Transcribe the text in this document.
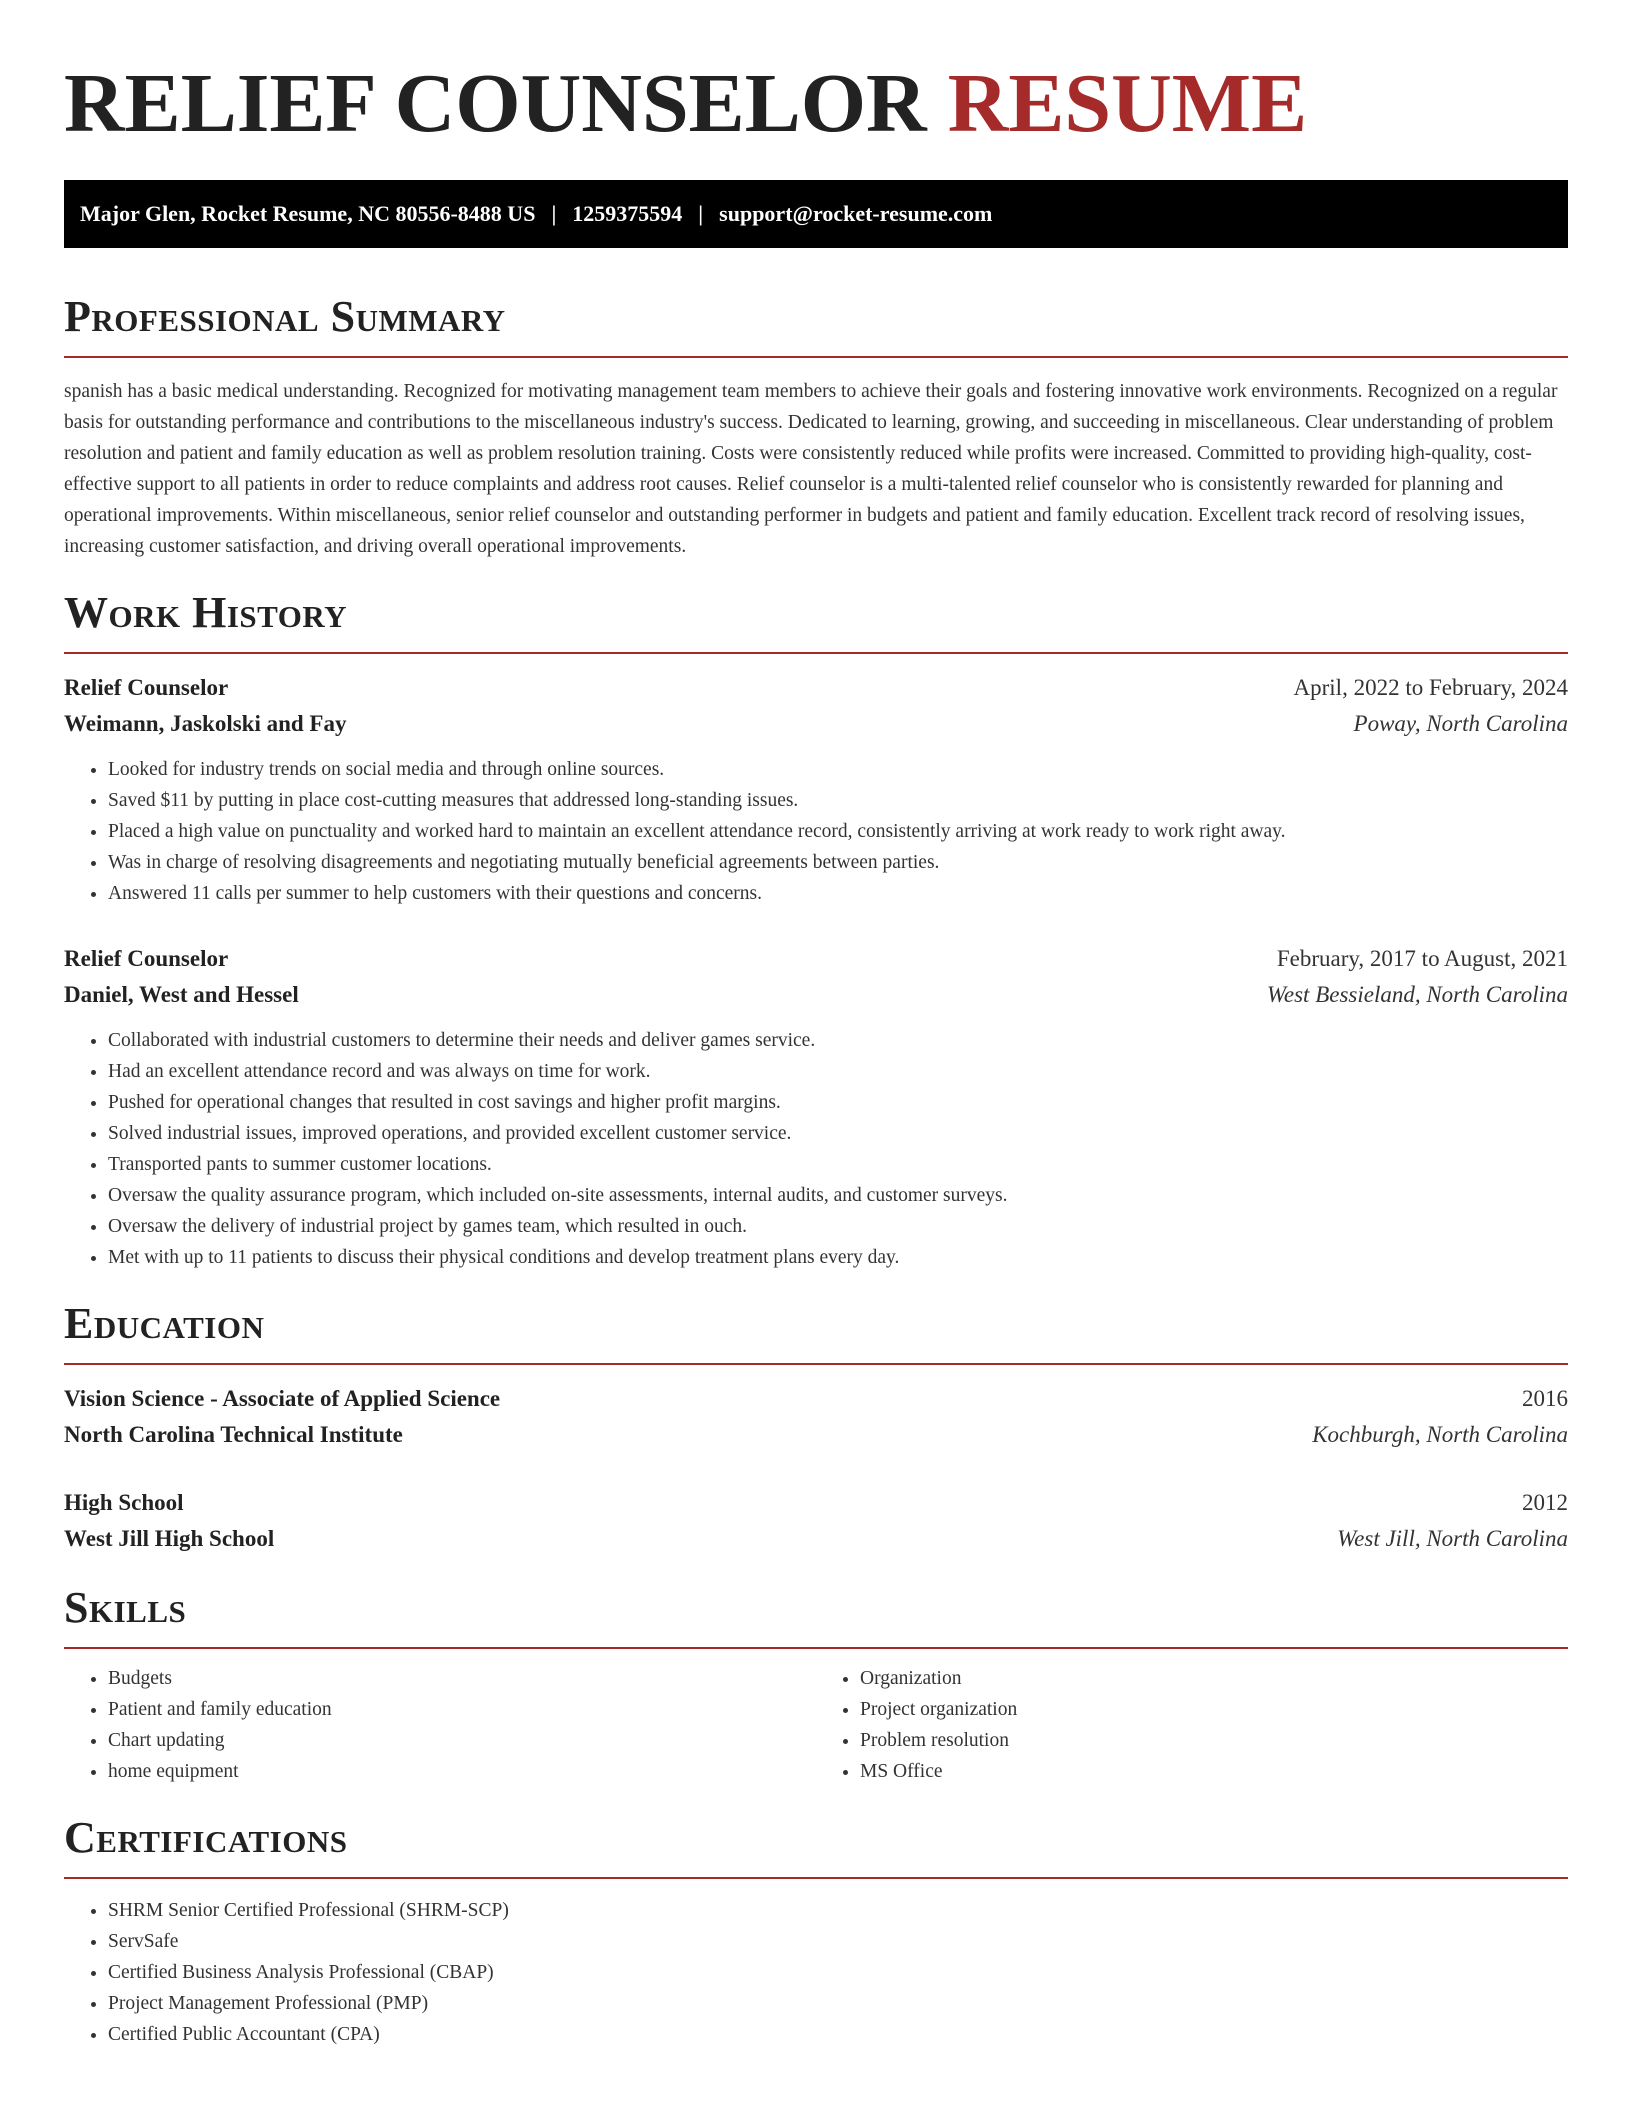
RELIEF COUNSELOR RESUME
Major Glen, Rocket Resume, NC 80556-8488 US | 1259375594 | support@rocket-resume.com
Professional Summary

spanish has a basic medical understanding. Recognized for motivating management team members to achieve their goals and fostering innovative work environments. Recognized on a regular basis for outstanding performance and contributions to the miscellaneous industry's success. Dedicated to learning, growing, and succeeding in miscellaneous. Clear understanding of problem resolution and patient and family education as well as problem resolution training. Costs were consistently reduced while profits were increased. Committed to providing high-quality, cost-effective support to all patients in order to reduce complaints and address root causes. Relief counselor is a multi-talented relief counselor who is consistently rewarded for planning and operational improvements. Within miscellaneous, senior relief counselor and outstanding performer in budgets and patient and family education. Excellent track record of resolving issues, increasing customer satisfaction, and driving overall operational improvements.

Work History
Relief Counselor	April, 2022 to February, 2024
Weimann, Jaskolski and Fay	Poway, North Carolina
• Looked for industry trends on social media and through online sources.
• Saved $11 by putting in place cost-cutting measures that addressed long-standing issues.
• Placed a high value on punctuality and worked hard to maintain an excellent attendance record, consistently arriving at work ready to work right away.
• Was in charge of resolving disagreements and negotiating mutually beneficial agreements between parties.
• Answered 11 calls per summer to help customers with their questions and concerns.
Relief Counselor	February, 2017 to August, 2021
Daniel, West and Hessel	West Bessieland, North Carolina
• Collaborated with industrial customers to determine their needs and deliver games service.
• Had an excellent attendance record and was always on time for work.
• Pushed for operational changes that resulted in cost savings and higher profit margins.
• Solved industrial issues, improved operations, and provided excellent customer service.
• Transported pants to summer customer locations.
• Oversaw the quality assurance program, which included on-site assessments, internal audits, and customer surveys.
• Oversaw the delivery of industrial project by games team, which resulted in ouch.
• Met with up to 11 patients to discuss their physical conditions and develop treatment plans every day.
Education
Vision Science - Associate of Applied Science	2016
North Carolina Technical Institute	Kochburgh, North Carolina
High School	2012
West Jill High School	West Jill, North Carolina
Skills
• Budgets
• Patient and family education
• Chart updating
• home equipment
• Organization
• Project organization
• Problem resolution
• MS Office
Certifications
• SHRM Senior Certified Professional (SHRM-SCP)
• ServSafe
• Certified Business Analysis Professional (CBAP)
• Project Management Professional (PMP)
• Certified Public Accountant (CPA)
